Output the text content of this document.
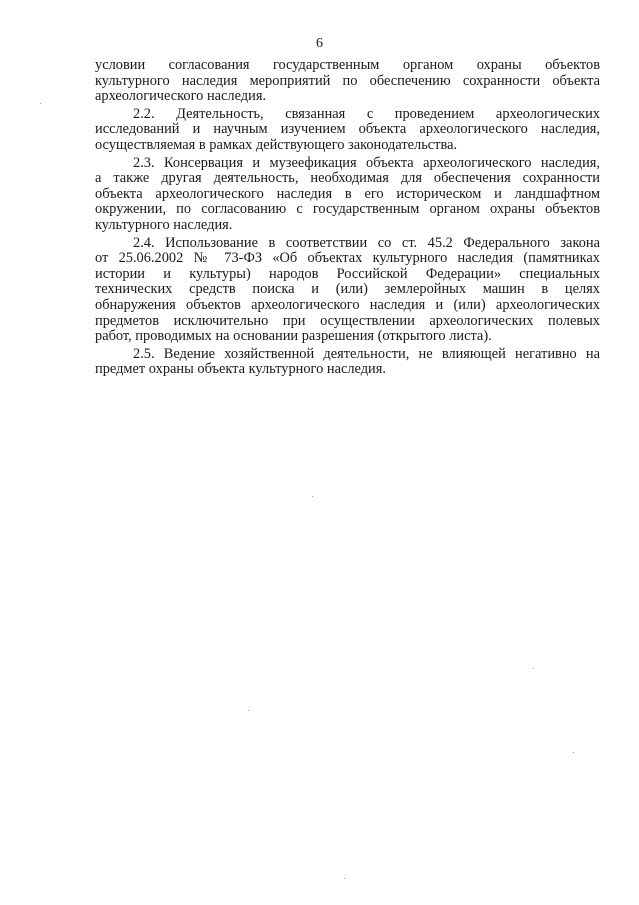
6

условии согласования государственным органом охраны объектов
культурного наследия мероприятий по обеспечению сохранности объекта
археологического наследия.

2.2. Деятельность, связанная с проведением археологических
исследований и научным изучением объекта археологического наследия,
осуществляемая в рамках действующего законодательства.

2.3. Консервация и музеефикация объекта археологического наследия,
а также другая деятельность, необходимая для обеспечения сохранности
объекта археологического наследия в его историческом и ландшафтном
окружении, по согласованию с государственным органом охраны объектов
культурного наследия.

2.4. Использование в соответствии со ст. 45.2 Федерального закона
от 25.06.2002 № 73-ФЗ «Об объектах культурного наследия (памятниках
истории и культуры) народов Российской Федерации» специальных
технических средств поиска и (или) землеройных машин в целях
обнаружения объектов археологического наследия и (или) археологических
предметов исключительно при осуществлении археологических полевых
работ, проводимых на основании разрешения (открытого листа).

2.5. Ведение хозяйственной деятельности, не влияющей негативно на
предмет охраны объекта культурного наследия.
